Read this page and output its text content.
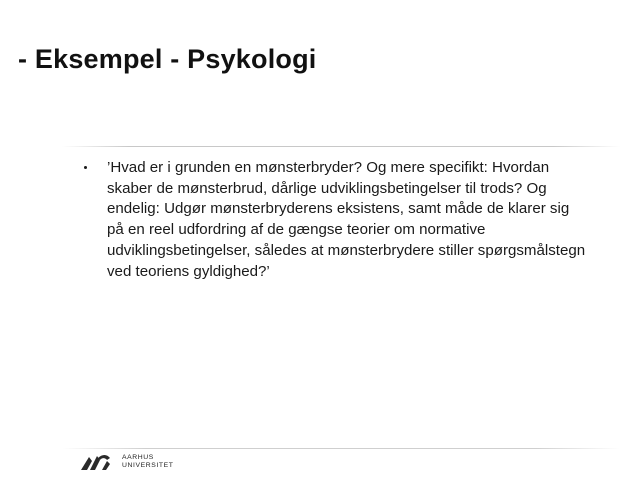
- Eksempel - Psykologi
’Hvad er i grunden en mønsterbryder? Og mere specifikt: Hvordan skaber de mønsterbrud, dårlige udviklingsbetingelser til trods? Og endelig: Udgør mønsterbryderens eksistens, samt måde de klarer sig på en reel udfordring af de gængse teorier om normative udviklingsbetingelser, således at mønsterbrydere stiller spørgsmålstegn ved teoriens gyldighed?’
AARHUS
UNIVERSITET
